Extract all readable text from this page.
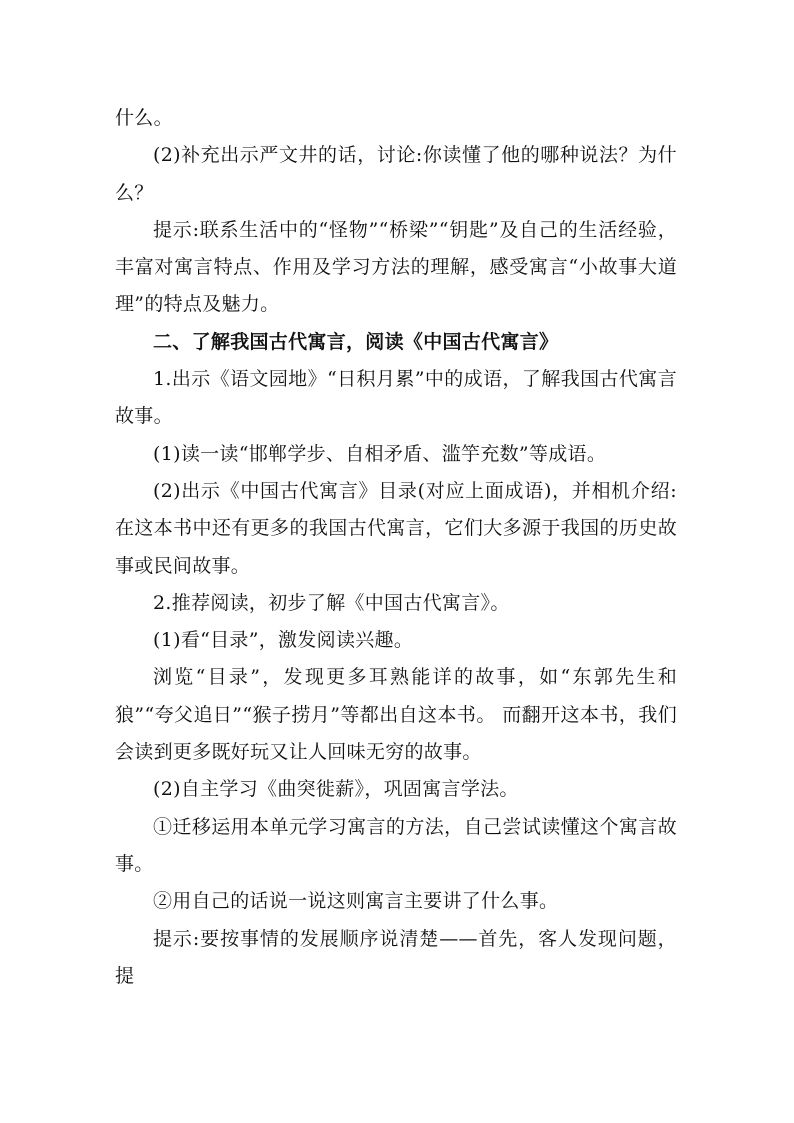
什么。

(2)补充出示严文井的话，讨论:你读懂了他的哪种说法？为什么？

提示:联系生活中的“怪物”“桥梁”“钥匙”及自己的生活经验，丰富对寓言特点、作用及学习方法的理解，感受寓言“小故事大道理”的特点及魅力。

二、了解我国古代寓言，阅读《中国古代寓言》

1.出示《语文园地》“日积月累”中的成语，了解我国古代寓言故事。

(1)读一读“邯郸学步、自相矛盾、滥竽充数”等成语。

(2)出示《中国古代寓言》目录(对应上面成语)，并相机介绍:在这本书中还有更多的我国古代寓言，它们大多源于我国的历史故事或民间故事。

2.推荐阅读，初步了解《中国古代寓言》。

(1)看“目录”，激发阅读兴趣。

浏览“目录”，发现更多耳熟能详的故事，如“东郭先生和狼”“夸父追日”“猴子捞月”等都出自这本书。 而翻开这本书，我们会读到更多既好玩又让人回味无穷的故事。

(2)自主学习《曲突徙薪》，巩固寓言学法。

①迁移运用本单元学习寓言的方法，自己尝试读懂这个寓言故事。

②用自己的话说一说这则寓言主要讲了什么事。

提示:要按事情的发展顺序说清楚——首先，客人发现问题，提
